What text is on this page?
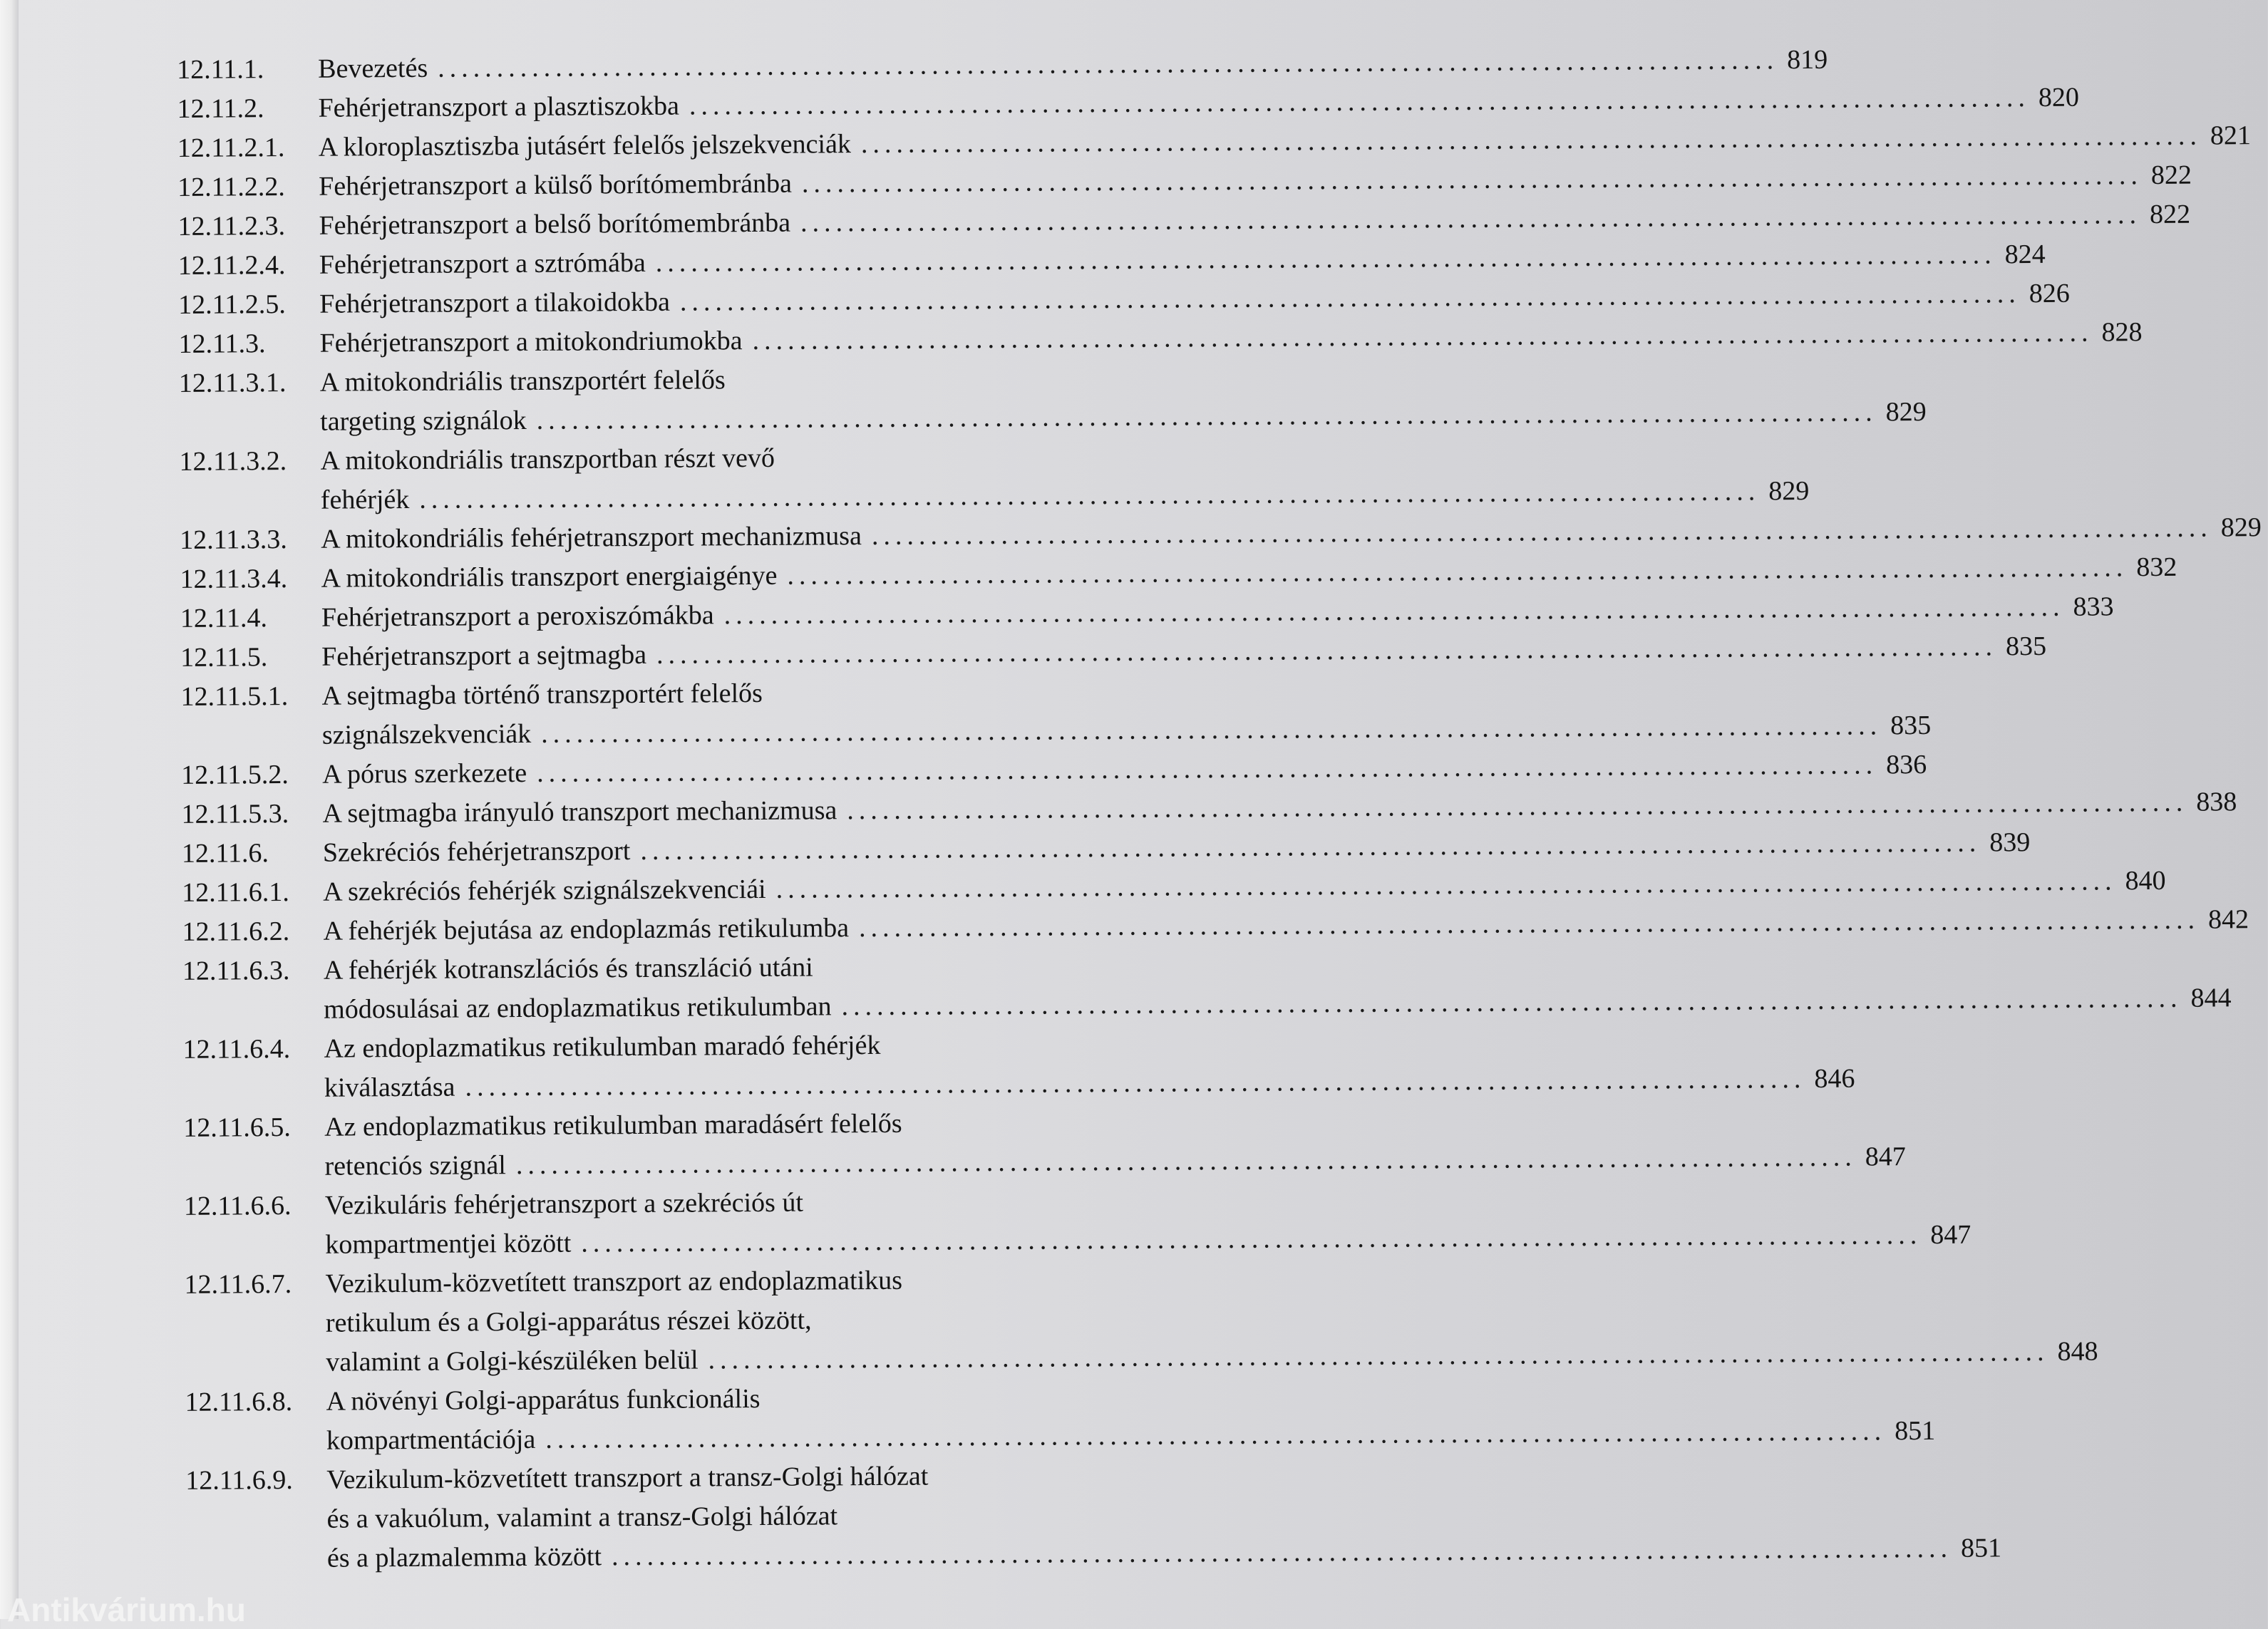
12.11.1. Bevezetés .................................................................................................................. 819
12.11.2. Fehérjetranszport a plasztiszokba .................................................................................................................. 820
12.11.2.1. A kloroplasztiszba jutásért felelős jelszekvenciák .................................................................................................................. 821
12.11.2.2. Fehérjetranszport a külső borítómembránba .................................................................................................................. 822
12.11.2.3. Fehérjetranszport a belső borítómembránba .................................................................................................................. 822
12.11.2.4. Fehérjetranszport a sztrómába .................................................................................................................. 824
12.11.2.5. Fehérjetranszport a tilakoidokba .................................................................................................................. 826
12.11.3. Fehérjetranszport a mitokondriumokba .................................................................................................................. 828
12.11.3.1. A mitokondriális transzportért felelős
targeting szignálok .................................................................................................................. 829
12.11.3.2. A mitokondriális transzportban részt vevő
fehérjék .................................................................................................................. 829
12.11.3.3. A mitokondriális fehérjetranszport mechanizmusa .................................................................................................................. 829
12.11.3.4. A mitokondriális transzport energiaigénye .................................................................................................................. 832
12.11.4. Fehérjetranszport a peroxiszómákba .................................................................................................................. 833
12.11.5. Fehérjetranszport a sejtmagba .................................................................................................................. 835
12.11.5.1. A sejtmagba történő transzportért felelős
szignálszekvenciák .................................................................................................................. 835
12.11.5.2. A pórus szerkezete .................................................................................................................. 836
12.11.5.3. A sejtmagba irányuló transzport mechanizmusa .................................................................................................................. 838
12.11.6. Szekréciós fehérjetranszport .................................................................................................................. 839
12.11.6.1. A szekréciós fehérjék szignálszekvenciái .................................................................................................................. 840
12.11.6.2. A fehérjék bejutása az endoplazmás retikulumba .................................................................................................................. 842
12.11.6.3. A fehérjék kotranszlációs és transzláció utáni
módosulásai az endoplazmatikus retikulumban .................................................................................................................. 844
12.11.6.4. Az endoplazmatikus retikulumban maradó fehérjék
kiválasztása .................................................................................................................. 846
12.11.6.5. Az endoplazmatikus retikulumban maradásért felelős
retenciós szignál .................................................................................................................. 847
12.11.6.6. Vezikuláris fehérjetranszport a szekréciós út
kompartmentjei között .................................................................................................................. 847
12.11.6.7. Vezikulum-közvetített transzport az endoplazmatikus
retikulum és a Golgi-apparátus részei között,
valamint a Golgi-készüléken belül .................................................................................................................. 848
12.11.6.8. A növényi Golgi-apparátus funkcionális
kompartmentációja .................................................................................................................. 851
12.11.6.9. Vezikulum-közvetített transzport a transz-Golgi hálózat
és a vakuólum, valamint a transz-Golgi hálózat
és a plazmalemma között .................................................................................................................. 851
Antikvárium.hu
